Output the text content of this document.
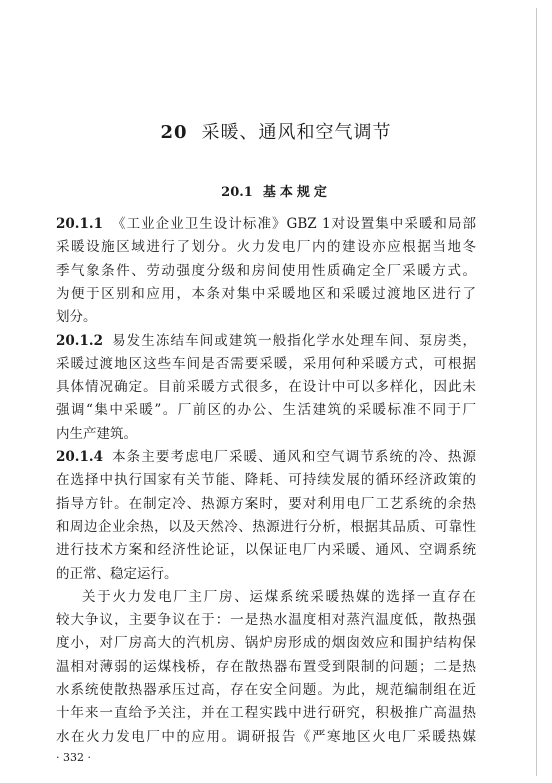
20 采暖、通风和空气调节
20.1 基本规定
20.1.1 《工业企业卫生设计标准》GBZ 1对设置集中采暖和局部
采暖设施区域进行了划分。火力发电厂内的建设亦应根据当地冬
季气象条件、劳动强度分级和房间使用性质确定全厂采暖方式。
为便于区别和应用，本条对集中采暖地区和采暖过渡地区进行了
划分。
20.1.2 易发生冻结车间或建筑一般指化学水处理车间、泵房类，
采暖过渡地区这些车间是否需要采暖，采用何种采暖方式，可根据
具体情况确定。目前采暖方式很多，在设计中可以多样化，因此未
强调“集中采暖”。厂前区的办公、生活建筑的采暖标准不同于厂
内生产建筑。
20.1.4 本条主要考虑电厂采暖、通风和空气调节系统的冷、热源
在选择中执行国家有关节能、降耗、可持续发展的循环经济政策的
指导方针。在制定冷、热源方案时，要对利用电厂工艺系统的余热
和周边企业余热，以及天然冷、热源进行分析，根据其品质、可靠性
进行技术方案和经济性论证，以保证电厂内采暖、通风、空调系统
的正常、稳定运行。
关于火力发电厂主厂房、运煤系统采暖热媒的选择一直存在
较大争议，主要争议在于：一是热水温度相对蒸汽温度低，散热强
度小，对厂房高大的汽机房、锅炉房形成的烟囱效应和围护结构保
温相对薄弱的运煤栈桥，存在散热器布置受到限制的问题；二是热
水系统使散热器承压过高，存在安全问题。为此，规范编制组在近
十年来一直给予关注，并在工程实践中进行研究，积极推广高温热
水在火力发电厂中的应用。调研报告《严寒地区火电厂采暖热媒
· 332 ·
